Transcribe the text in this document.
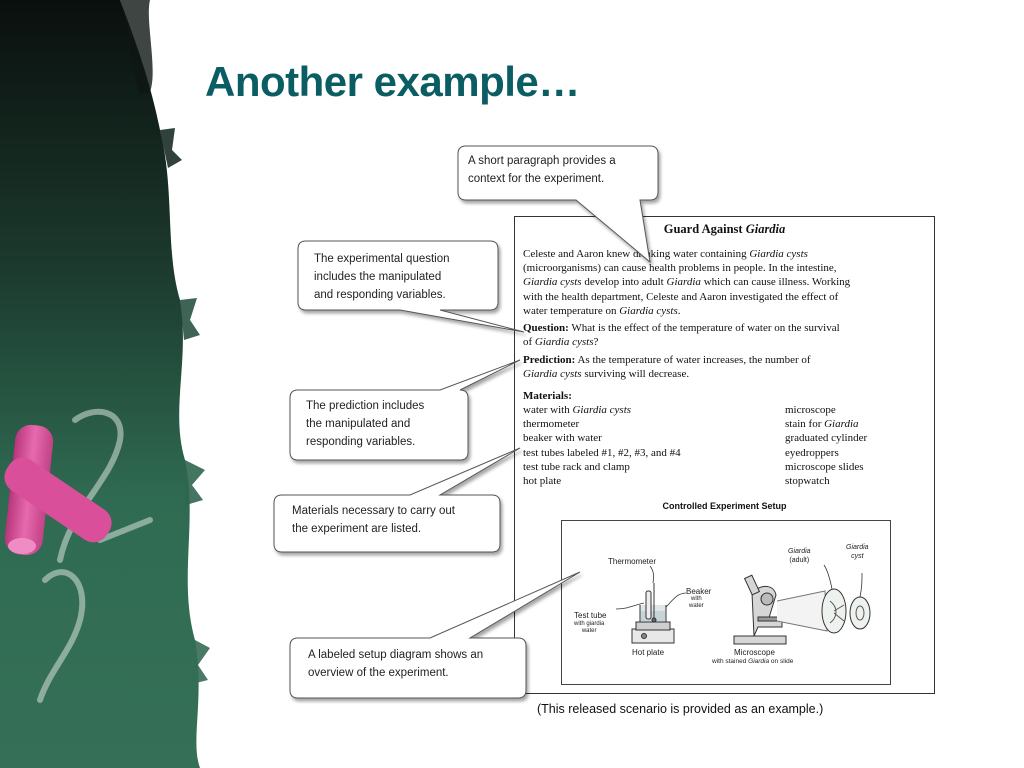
Another example…
Guard Against Giardia
Celeste and Aaron knew drinking water containing Giardia cysts
(microorganisms) can cause health problems in people. In the intestine,
Giardia cysts develop into adult Giardia which can cause illness. Working
with the health department, Celeste and Aaron investigated the effect of
water temperature on Giardia cysts.
Question: What is the effect of the temperature of water on the survival
of Giardia cysts?
Prediction: As the temperature of water increases, the number of
Giardia cysts surviving will decrease.
Materials:
water with Giardia cysts
thermometer
beaker with water
test tubes labeled #1, #2, #3, and #4
test tube rack and clamp
hot plate
microscope
stain for Giardia
graduated cylinder
eyedroppers
microscope slides
stopwatch
Controlled Experiment Setup
Thermometer
Beaker
with
water
Test tube
with giardia
water
Hot plate	Microscope
with stained Giardia on slide
Giardia
(adult)
Giardia
cyst
A short paragraph provides a
context for the experiment.
The experimental question
includes the manipulated
and responding variables.
The prediction includes
the manipulated and
responding variables.
Materials necessary to carry out
the experiment are listed.
A labeled setup diagram shows an
overview of the experiment.
(This released scenario is provided as an example.)
